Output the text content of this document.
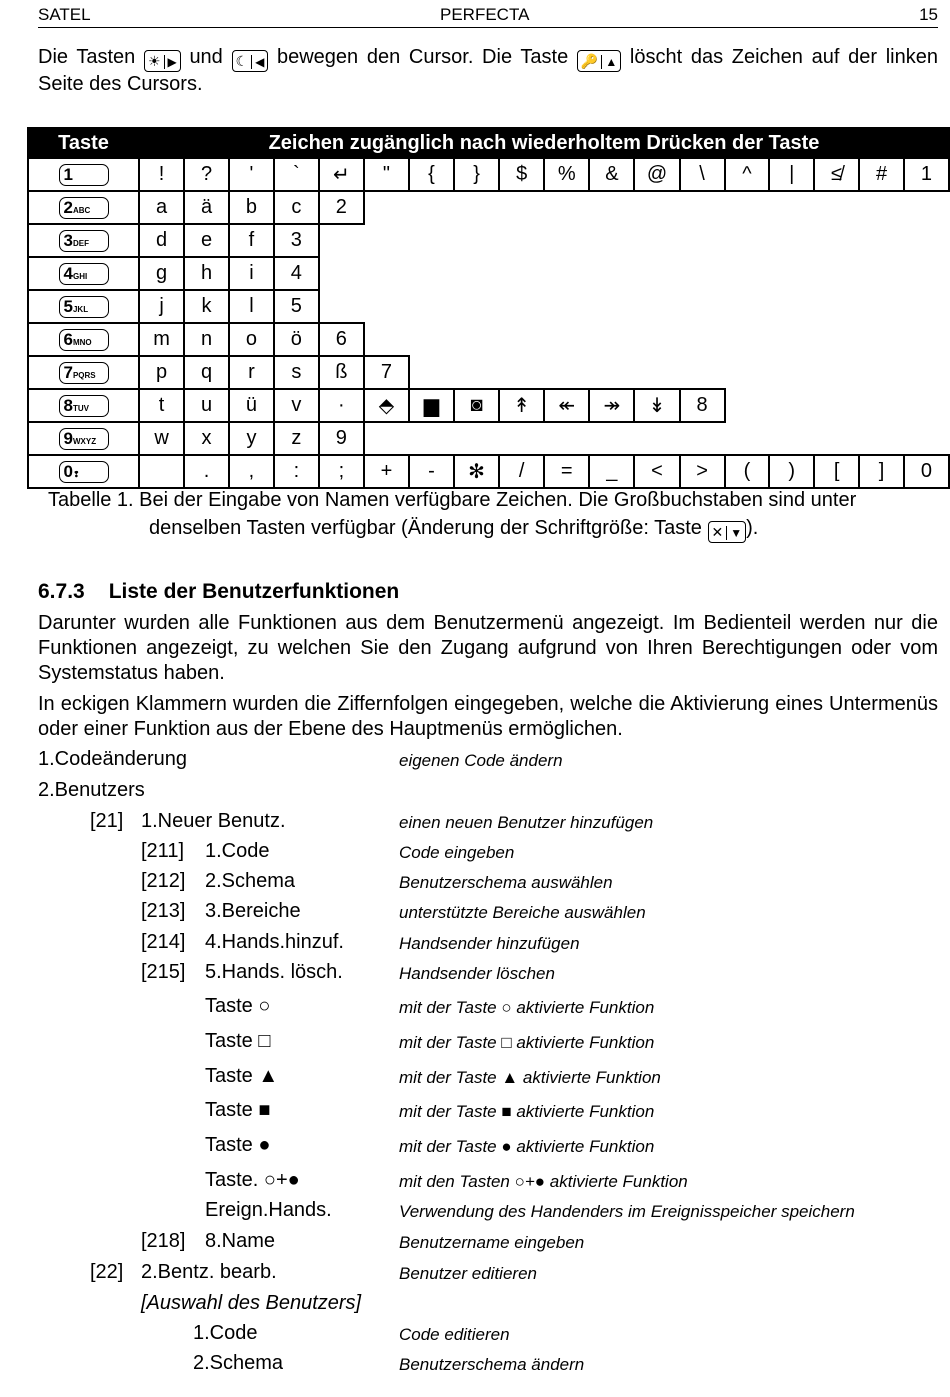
SATEL	PERFECTA	15
Die Tasten ☀ ▶ und ☾ ◀ bewegen den Cursor. Die Taste 🔑 ▲ löscht das Zeichen auf der linken Seite des Cursors.
Taste	Zeichen zugänglich nach wiederholtem Drücken der Taste																	
1	!	?	'	`	↵	"	{	}	$	%	&	@	\	^	|	≰	#	1
2ABC	a	ä	b	c	2													
3DEF	d	e	f	3														
4GHI	g	h	i	4														
5JKL	j	k	l	5														
6MNO	m	n	o	ö	6													
7PQRS	p	q	r	s	ß	7												
8TUV	t	u	ü	v	·	⬘	▆	◙	↟	↞	↠	↡	8					
9WXYZ	w	x	y	z	9													
0❢		.	,	:	;	+	-	✻	/	=	_	<	>	(	)	[	]	0
Tabelle 1. Bei der Eingabe von Namen verfügbare Zeichen. Die Großbuchstaben sind unter
denselben Tasten verfügbar (Änderung der Schriftgröße: Taste ✕ ▼ ).
6.7.3 Liste der Benutzerfunktionen

Darunter wurden alle Funktionen aus dem Benutzermenü angezeigt. Im Bedienteil werden nur die Funktionen angezeigt, zu welchen Sie den Zugang aufgrund von Ihren Berechtigungen oder vom Systemstatus haben.

In eckigen Klammern wurden die Ziffernfolgen eingegeben, welche die Aktivierung eines Untermenüs oder einer Funktion aus der Ebene des Hauptmenüs ermöglichen.

1.Codeänderung	eigenen Code ändern
2.Benutzers
[21] 1.Neuer Benutz.	einen neuen Benutzer hinzufügen
[211] 1.Code	Code eingeben
[212] 2.Schema	Benutzerschema auswählen
[213] 3.Bereiche	unterstützte Bereiche auswählen
[214] 4.Hands.hinzuf.	Handsender hinzufügen
[215] 5.Hands. lösch.	Handsender löschen
Taste ○	mit der Taste ○ aktivierte Funktion
Taste □	mit der Taste □ aktivierte Funktion
Taste ▲	mit der Taste ▲ aktivierte Funktion
Taste ■	mit der Taste ■ aktivierte Funktion
Taste ●	mit der Taste ● aktivierte Funktion
Taste. ○+●	mit den Tasten ○+● aktivierte Funktion
Ereign.Hands.	Verwendung des Handenders im Ereignisspeicher speichern
[218] 8.Name	Benutzername eingeben
[22] 2.Bentz. bearb.	Benutzer editieren
[Auswahl des Benutzers]
1.Code	Code editieren
2.Schema	Benutzerschema ändern
